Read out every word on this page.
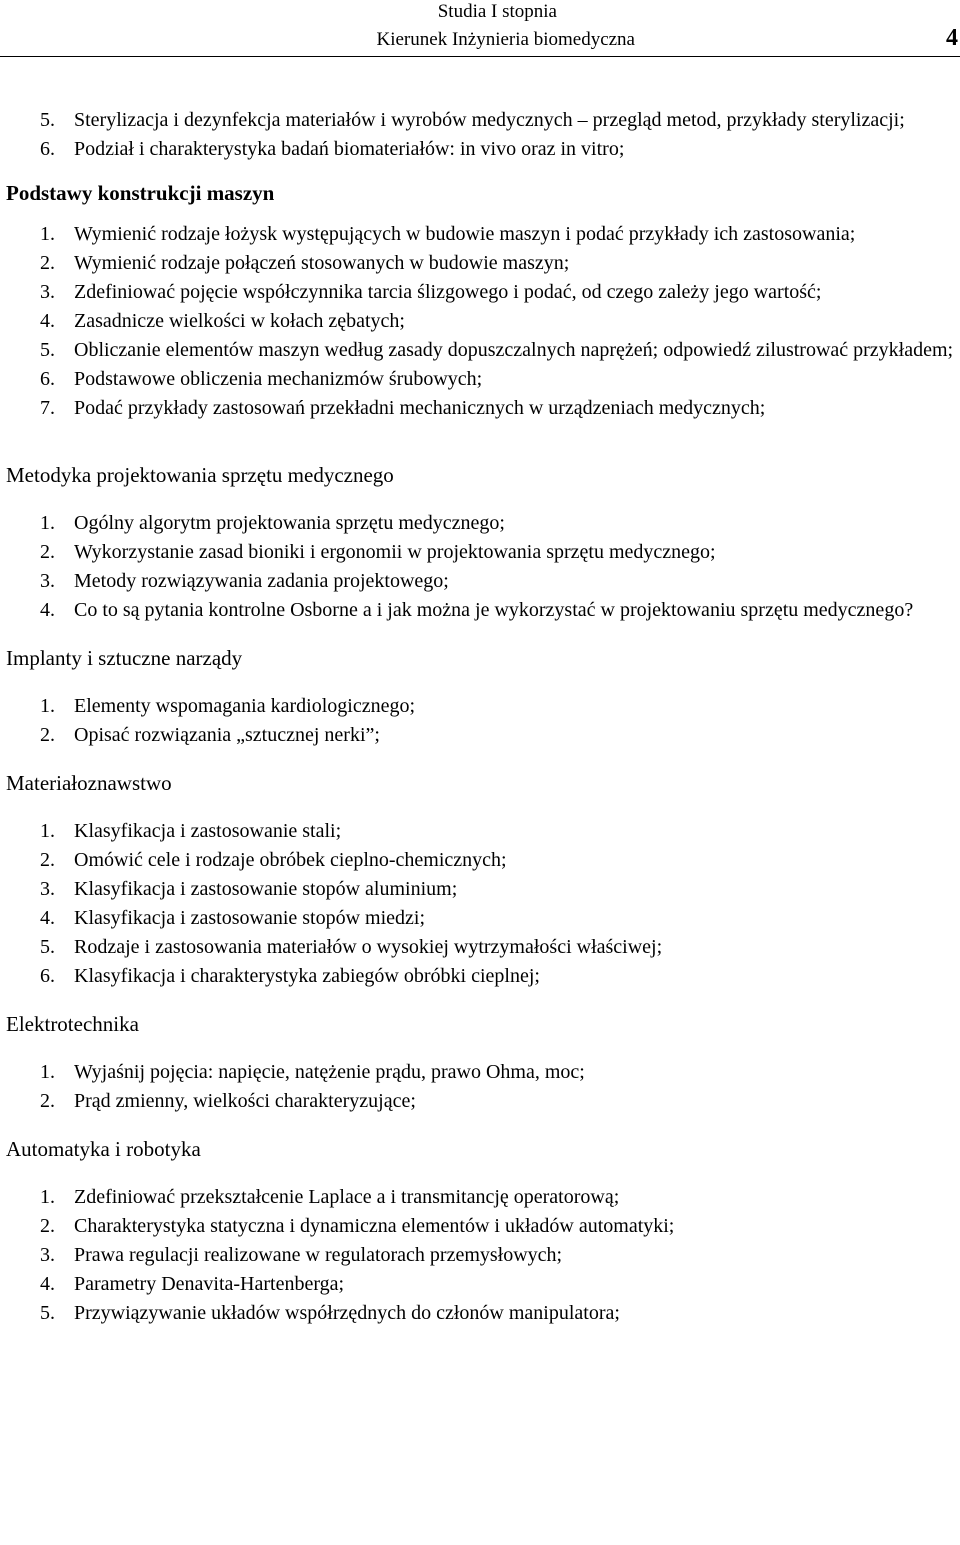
Studia I stopnia
Kierunek Inżynieria biomedyczna	4
5. Sterylizacja i dezynfekcja materiałów i wyrobów medycznych – przegląd metod, przykłady sterylizacji;
6. Podział i charakterystyka badań biomateriałów: in vivo oraz in vitro;
Podstawy konstrukcji maszyn
1. Wymienić rodzaje łożysk występujących w budowie maszyn i podać przykłady ich zastosowania;
2. Wymienić rodzaje połączeń stosowanych w budowie maszyn;
3. Zdefiniować pojęcie współczynnika tarcia ślizgowego i podać, od czego zależy jego wartość;
4. Zasadnicze wielkości w kołach zębatych;
5. Obliczanie elementów maszyn według zasady dopuszczalnych naprężeń; odpowiedź zilustrować przykładem;
6. Podstawowe obliczenia mechanizmów śrubowych;
7. Podać przykłady zastosowań przekładni mechanicznych w urządzeniach medycznych;
Metodyka projektowania sprzętu medycznego
1. Ogólny algorytm projektowania sprzętu medycznego;
2. Wykorzystanie zasad bioniki i ergonomii w projektowania sprzętu medycznego;
3. Metody rozwiązywania zadania projektowego;
4. Co to są pytania kontrolne Osborne a i jak można je wykorzystać w projektowaniu sprzętu medycznego?
Implanty i sztuczne narządy
1. Elementy wspomagania kardiologicznego;
2. Opisać rozwiązania „sztucznej nerki”;
Materiałoznawstwo
1. Klasyfikacja i zastosowanie stali;
2. Omówić cele i rodzaje obróbek cieplno-chemicznych;
3. Klasyfikacja i zastosowanie stopów aluminium;
4. Klasyfikacja i zastosowanie stopów miedzi;
5. Rodzaje i zastosowania materiałów o wysokiej wytrzymałości właściwej;
6. Klasyfikacja i charakterystyka zabiegów obróbki cieplnej;
Elektrotechnika
1. Wyjaśnij pojęcia: napięcie, natężenie prądu, prawo Ohma, moc;
2. Prąd zmienny, wielkości charakteryzujące;
Automatyka i robotyka
1. Zdefiniować przekształcenie Laplace a i transmitancję operatorową;
2. Charakterystyka statyczna i dynamiczna elementów i układów automatyki;
3. Prawa regulacji realizowane w regulatorach przemysłowych;
4. Parametry Denavita-Hartenberga;
5. Przywiązywanie układów współrzędnych do członów manipulatora;
